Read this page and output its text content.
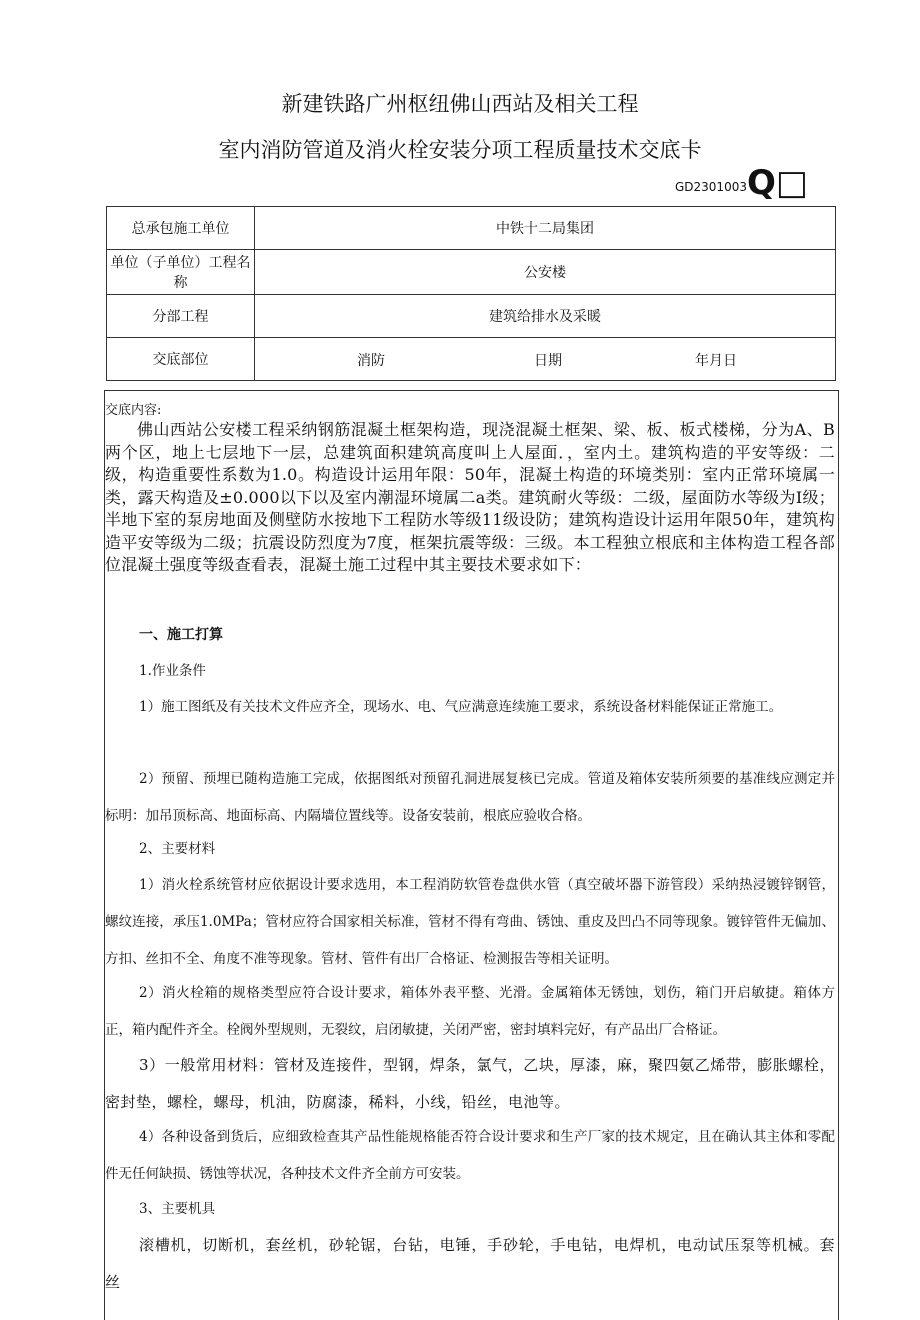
新建铁路广州枢纽佛山西站及相关工程
室内消防管道及消火栓安装分项工程质量技术交底卡
GD2301003Q□
总承包施工单位	中铁十二局集团
单位（子单位）工程名称	公安楼
分部工程	建筑给排水及采暖
交底部位	消防 日期 年月日
交底内容:
佛山西站公安楼工程采纳钢筋混凝土框架构造，现浇混凝土框架、梁、板、板式楼梯，分为A、B两个区，地上七层地下一层，总建筑面积建筑高度叫上人屋面．，室内土。建筑构造的平安等级：二级，构造重要性系数为1.0。构造设计运用年限：50年，混凝土构造的环境类别：室内正常环境属一类，露天构造及±0.000以下以及室内潮湿环境属二a类。建筑耐火等级：二级，屋面防水等级为I级；半地下室的泵房地面及侧壁防水按地下工程防水等级11级设防；建筑构造设计运用年限50年，建筑构造平安等级为二级；抗震设防烈度为7度，框架抗震等级：三级。本工程独立根底和主体构造工程各部位混凝土强度等级查看表，混凝土施工过程中其主要技术要求如下：
一、施工打算
1.作业条件
1）施工图纸及有关技术文件应齐全，现场水、电、气应满意连续施工要求，系统设备材料能保证正常施工。
2）预留、预埋已随构造施工完成，依据图纸对预留孔洞进展复核已完成。管道及箱体安装所须要的基准线应测定并标明：加吊顶标高、地面标高、内隔墙位置线等。设备安装前，根底应验收合格。
2、主要材料
1）消火栓系统管材应依据设计要求选用，本工程消防软管卷盘供水管（真空破坏器下游管段）采纳热浸镀锌钢管，螺纹连接，承压1.0MPa；管材应符合国家相关标准，管材不得有弯曲、锈蚀、重皮及凹凸不同等现象。镀锌管件无偏加、方扣、丝扣不全、角度不准等现象。管材、管件有出厂合格证、检测报告等相关证明。
2）消火栓箱的规格类型应符合设计要求，箱体外表平整、光滑。金属箱体无锈蚀，划伤，箱门开启敏捷。箱体方正，箱内配件齐全。栓阀外型规则，无裂纹，启闭敏捷，关闭严密，密封填料完好，有产品出厂合格证。
3）一般常用材料：管材及连接件，型钢，焊条，氯气，乙块，厚漆，麻，聚四氨乙烯带，膨胀螺栓，密封垫，螺栓，螺母，机油，防腐漆，稀料，小线，铅丝，电池等。
4）各种设备到货后，应细致检查其产品性能规格能否符合设计要求和生产厂家的技术规定，且在确认其主体和零配件无任何缺损、锈蚀等状况，各种技术文件齐全前方可安装。
3、主要机具
滚槽机，切断机，套丝机，砂轮锯，台钻，电锤，手砂轮，手电钻，电焊机，电动试压泵等机械。套丝
